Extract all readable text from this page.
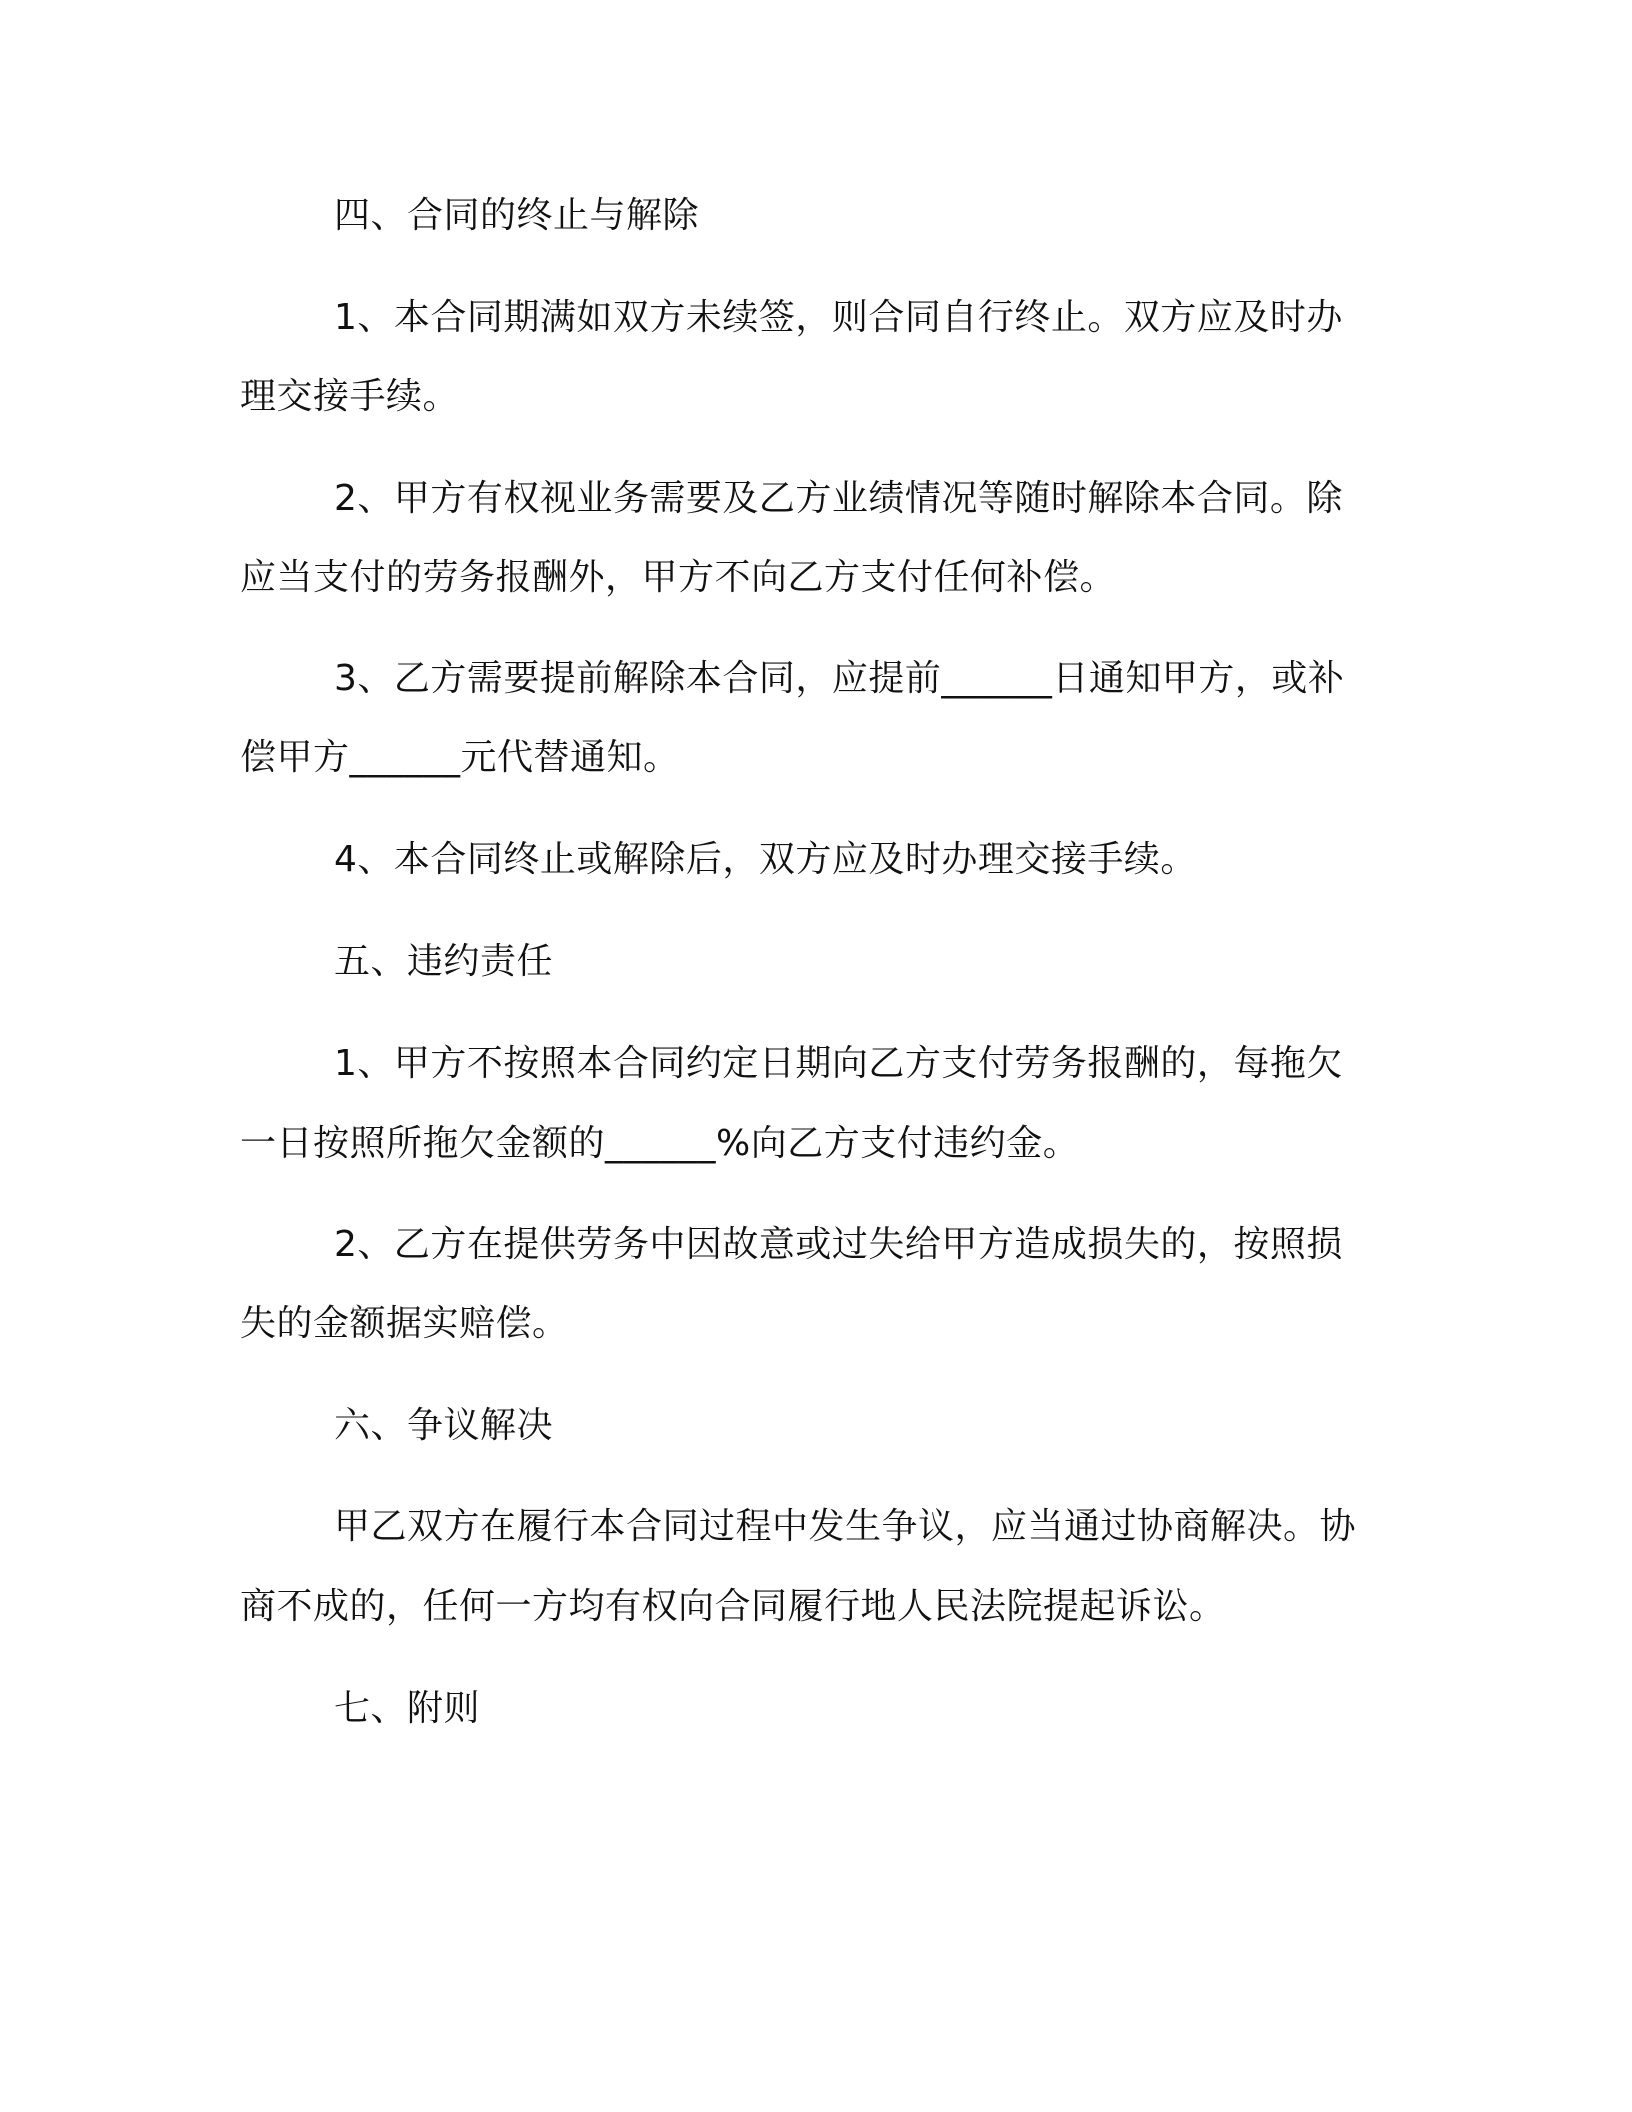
四、合同的终止与解除
1、本合同期满如双方未续签，则合同自行终止。双方应及时办
理交接手续。
2、甲方有权视业务需要及乙方业绩情况等随时解除本合同。除
应当支付的劳务报酬外，甲方不向乙方支付任何补偿。
3、乙方需要提前解除本合同，应提前______日通知甲方，或补
偿甲方______元代替通知。
4、本合同终止或解除后，双方应及时办理交接手续。
五、违约责任
1、甲方不按照本合同约定日期向乙方支付劳务报酬的，每拖欠
一日按照所拖欠金额的______%向乙方支付违约金。
2、乙方在提供劳务中因故意或过失给甲方造成损失的，按照损
失的金额据实赔偿。
六、争议解决
甲乙双方在履行本合同过程中发生争议，应当通过协商解决。协
商不成的，任何一方均有权向合同履行地人民法院提起诉讼。
七、附则
